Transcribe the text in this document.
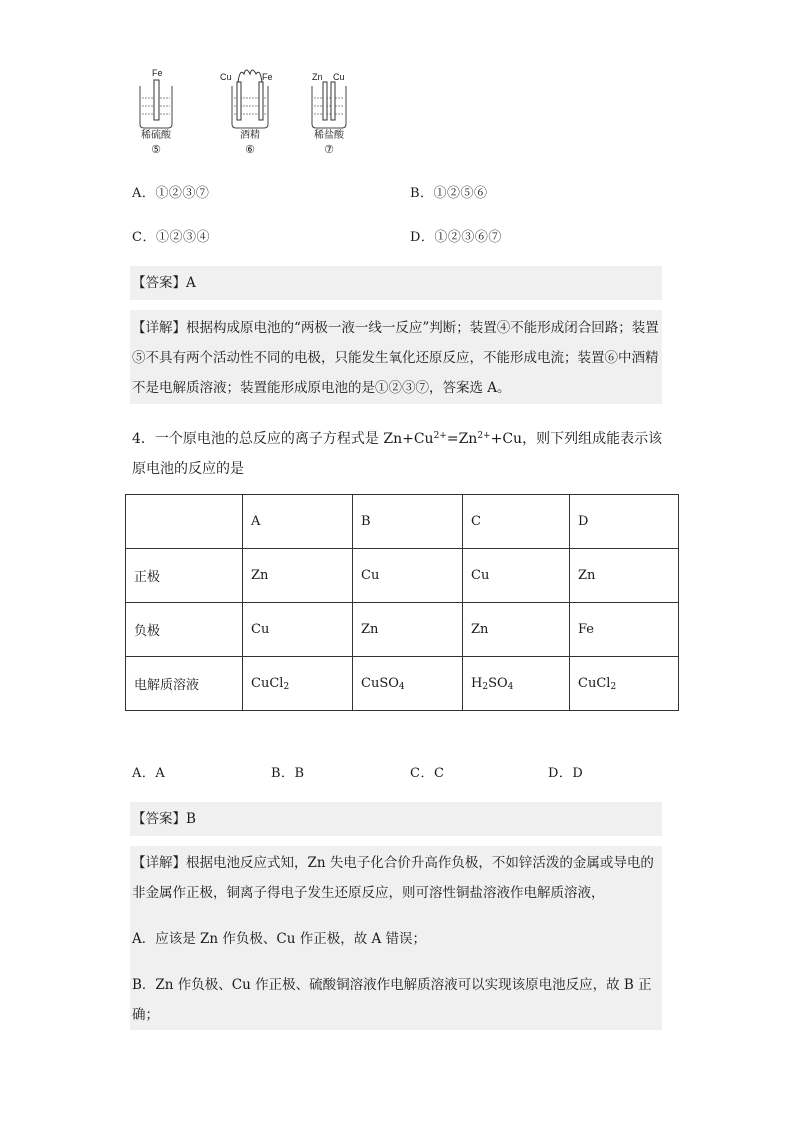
Fe
稀硫酸
⑤
Cu	Fe
酒精
⑥
Zn Cu
稀盐酸
⑦
A．①②③⑦	B．①②⑤⑥
C．①②③④	D．①②③⑥⑦
【答案】A
【详解】根据构成原电池的“两极一液一线一反应”判断；装置④不能形成闭合回路；装置⑤不具有两个活动性不同的电极，只能发生氧化还原反应，不能形成电流；装置⑥中酒精不是电解质溶液；装置能形成原电池的是①②③⑦，答案选 A。
4．一个原电池的总反应的离子方程式是 $Zn+Cu^{2+}=Zn^{2+}+Cu$，则下列组成能表示该原电池的反应的是
	A	B	C	D
正极	Zn	Cu	Cu	Zn
负极	Cu	Zn	Zn	Fe
电解质溶液	CuCl$_2$	CuSO$_4$	$H_2SO_4$	CuCl$_2$
A．A	B．B	C．C	D．D
【答案】B
【详解】根据电池反应式知，Zn 失电子化合价升高作负极，不如锌活泼的金属或导电的非金属作正极，铜离子得电子发生还原反应，则可溶性铜盐溶液作电解质溶液，
A．应该是 Zn 作负极、Cu 作正极，故 A 错误；
B．Zn 作负极、Cu 作正极、硫酸铜溶液作电解质溶液可以实现该原电池反应，故 B 正确；
